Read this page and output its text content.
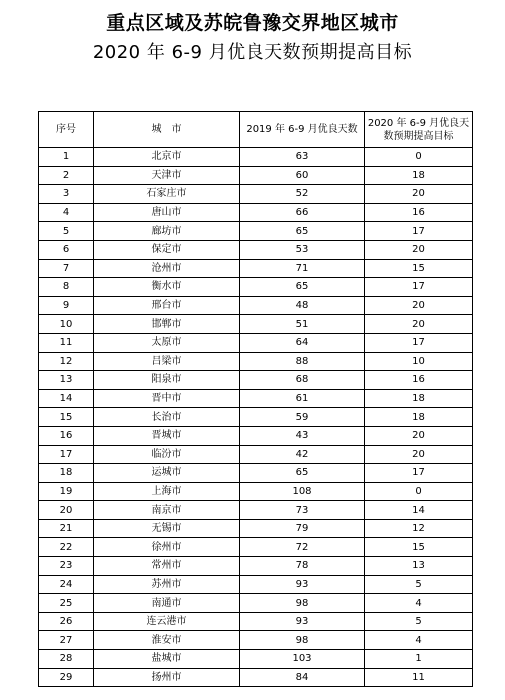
重点区域及苏皖鲁豫交界地区城市
2020 年 6-9 月优良天数预期提高目标
序号	城　市	2019 年 6-9 月优良天数	2020 年 6-9 月优良天数预期提高目标
1	北京市	63	0
2	天津市	60	18
3	石家庄市	52	20
4	唐山市	66	16
5	廊坊市	65	17
6	保定市	53	20
7	沧州市	71	15
8	衡水市	65	17
9	邢台市	48	20
10	邯郸市	51	20
11	太原市	64	17
12	吕梁市	88	10
13	阳泉市	68	16
14	晋中市	61	18
15	长治市	59	18
16	晋城市	43	20
17	临汾市	42	20
18	运城市	65	17
19	上海市	108	0
20	南京市	73	14
21	无锡市	79	12
22	徐州市	72	15
23	常州市	78	13
24	苏州市	93	5
25	南通市	98	4
26	连云港市	93	5
27	淮安市	98	4
28	盐城市	103	1
29	扬州市	84	11
